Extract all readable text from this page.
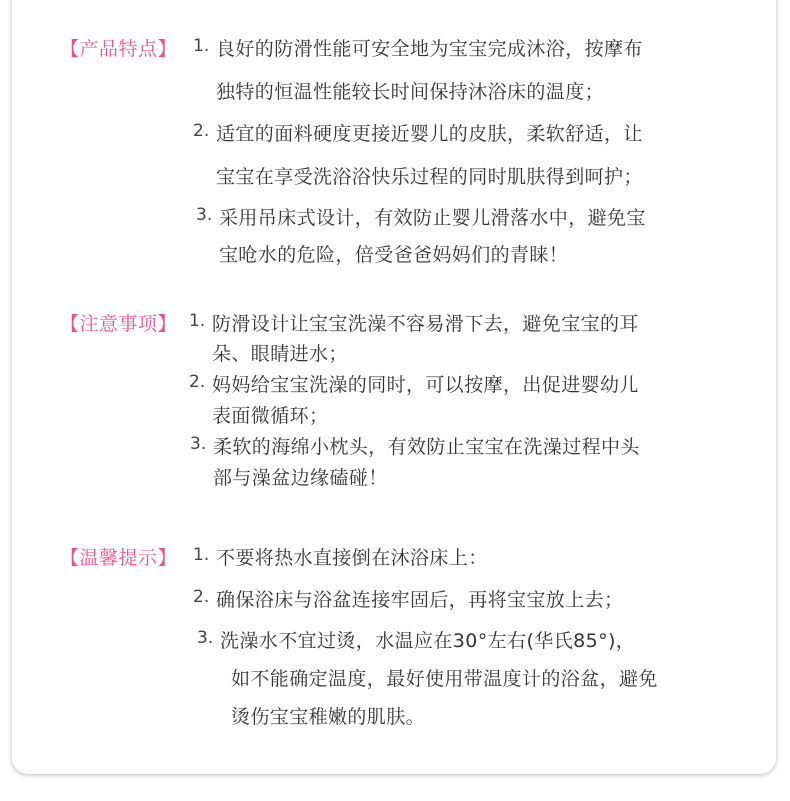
【产品特点】 1. 良好的防滑性能可安全地为宝宝完成沐浴，按摩布
独特的恒温性能较长时间保持沐浴床的温度；
2. 适宜的面料硬度更接近婴儿的皮肤，柔软舒适，让
宝宝在享受洗浴浴快乐过程的同时肌肤得到呵护；
3. 采用吊床式设计，有效防止婴儿滑落水中，避免宝
宝呛水的危险，倍受爸爸妈妈们的青睐！
【注意事项】 1. 防滑设计让宝宝洗澡不容易滑下去，避免宝宝的耳
朵、眼睛进水；
2. 妈妈给宝宝洗澡的同时，可以按摩，出促进婴幼儿
表面微循环；
3. 柔软的海绵小枕头，有效防止宝宝在洗澡过程中头
部与澡盆边缘磕碰！
【温馨提示】 1. 不要将热水直接倒在沐浴床上：
2. 确保浴床与浴盆连接牢固后，再将宝宝放上去；
3. 洗澡水不宜过烫，水温应在30°左右(华氏85°)，
如不能确定温度，最好使用带温度计的浴盆，避免
烫伤宝宝稚嫩的肌肤。
